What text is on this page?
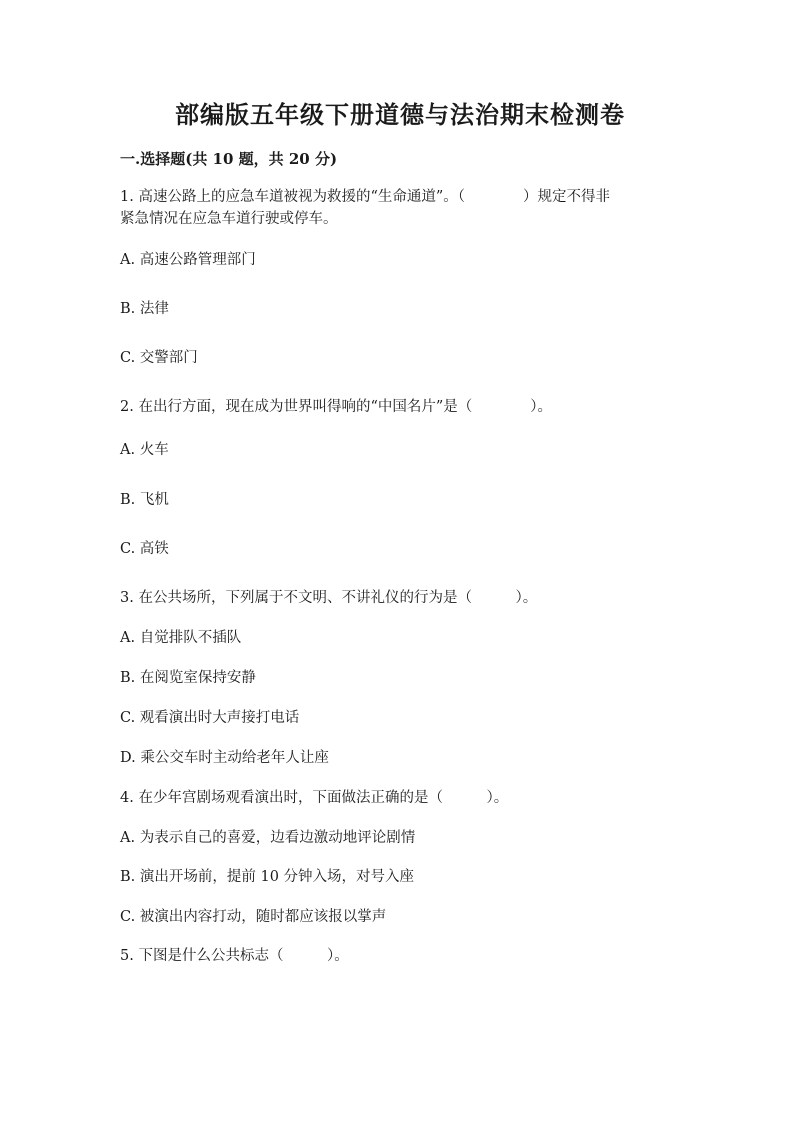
部编版五年级下册道德与法治期末检测卷
一.选择题(共 10 题，共 20 分)

1. 高速公路上的应急车道被视为救援的“生命通道”。（　　　　）规定不得非

紧急情况在应急车道行驶或停车。

A. 高速公路管理部门

B. 法律

C. 交警部门

2. 在出行方面，现在成为世界叫得响的“中国名片”是（　　　　）。

A. 火车

B. 飞机

C. 高铁

3. 在公共场所，下列属于不文明、不讲礼仪的行为是（　　　）。

A. 自觉排队不插队

B. 在阅览室保持安静

C. 观看演出时大声接打电话

D. 乘公交车时主动给老年人让座

4. 在少年宫剧场观看演出时，下面做法正确的是（　　　）。

A. 为表示自己的喜爱，边看边激动地评论剧情

B. 演出开场前，提前 10 分钟入场，对号入座

C. 被演出内容打动，随时都应该报以掌声

5. 下图是什么公共标志（　　　）。
